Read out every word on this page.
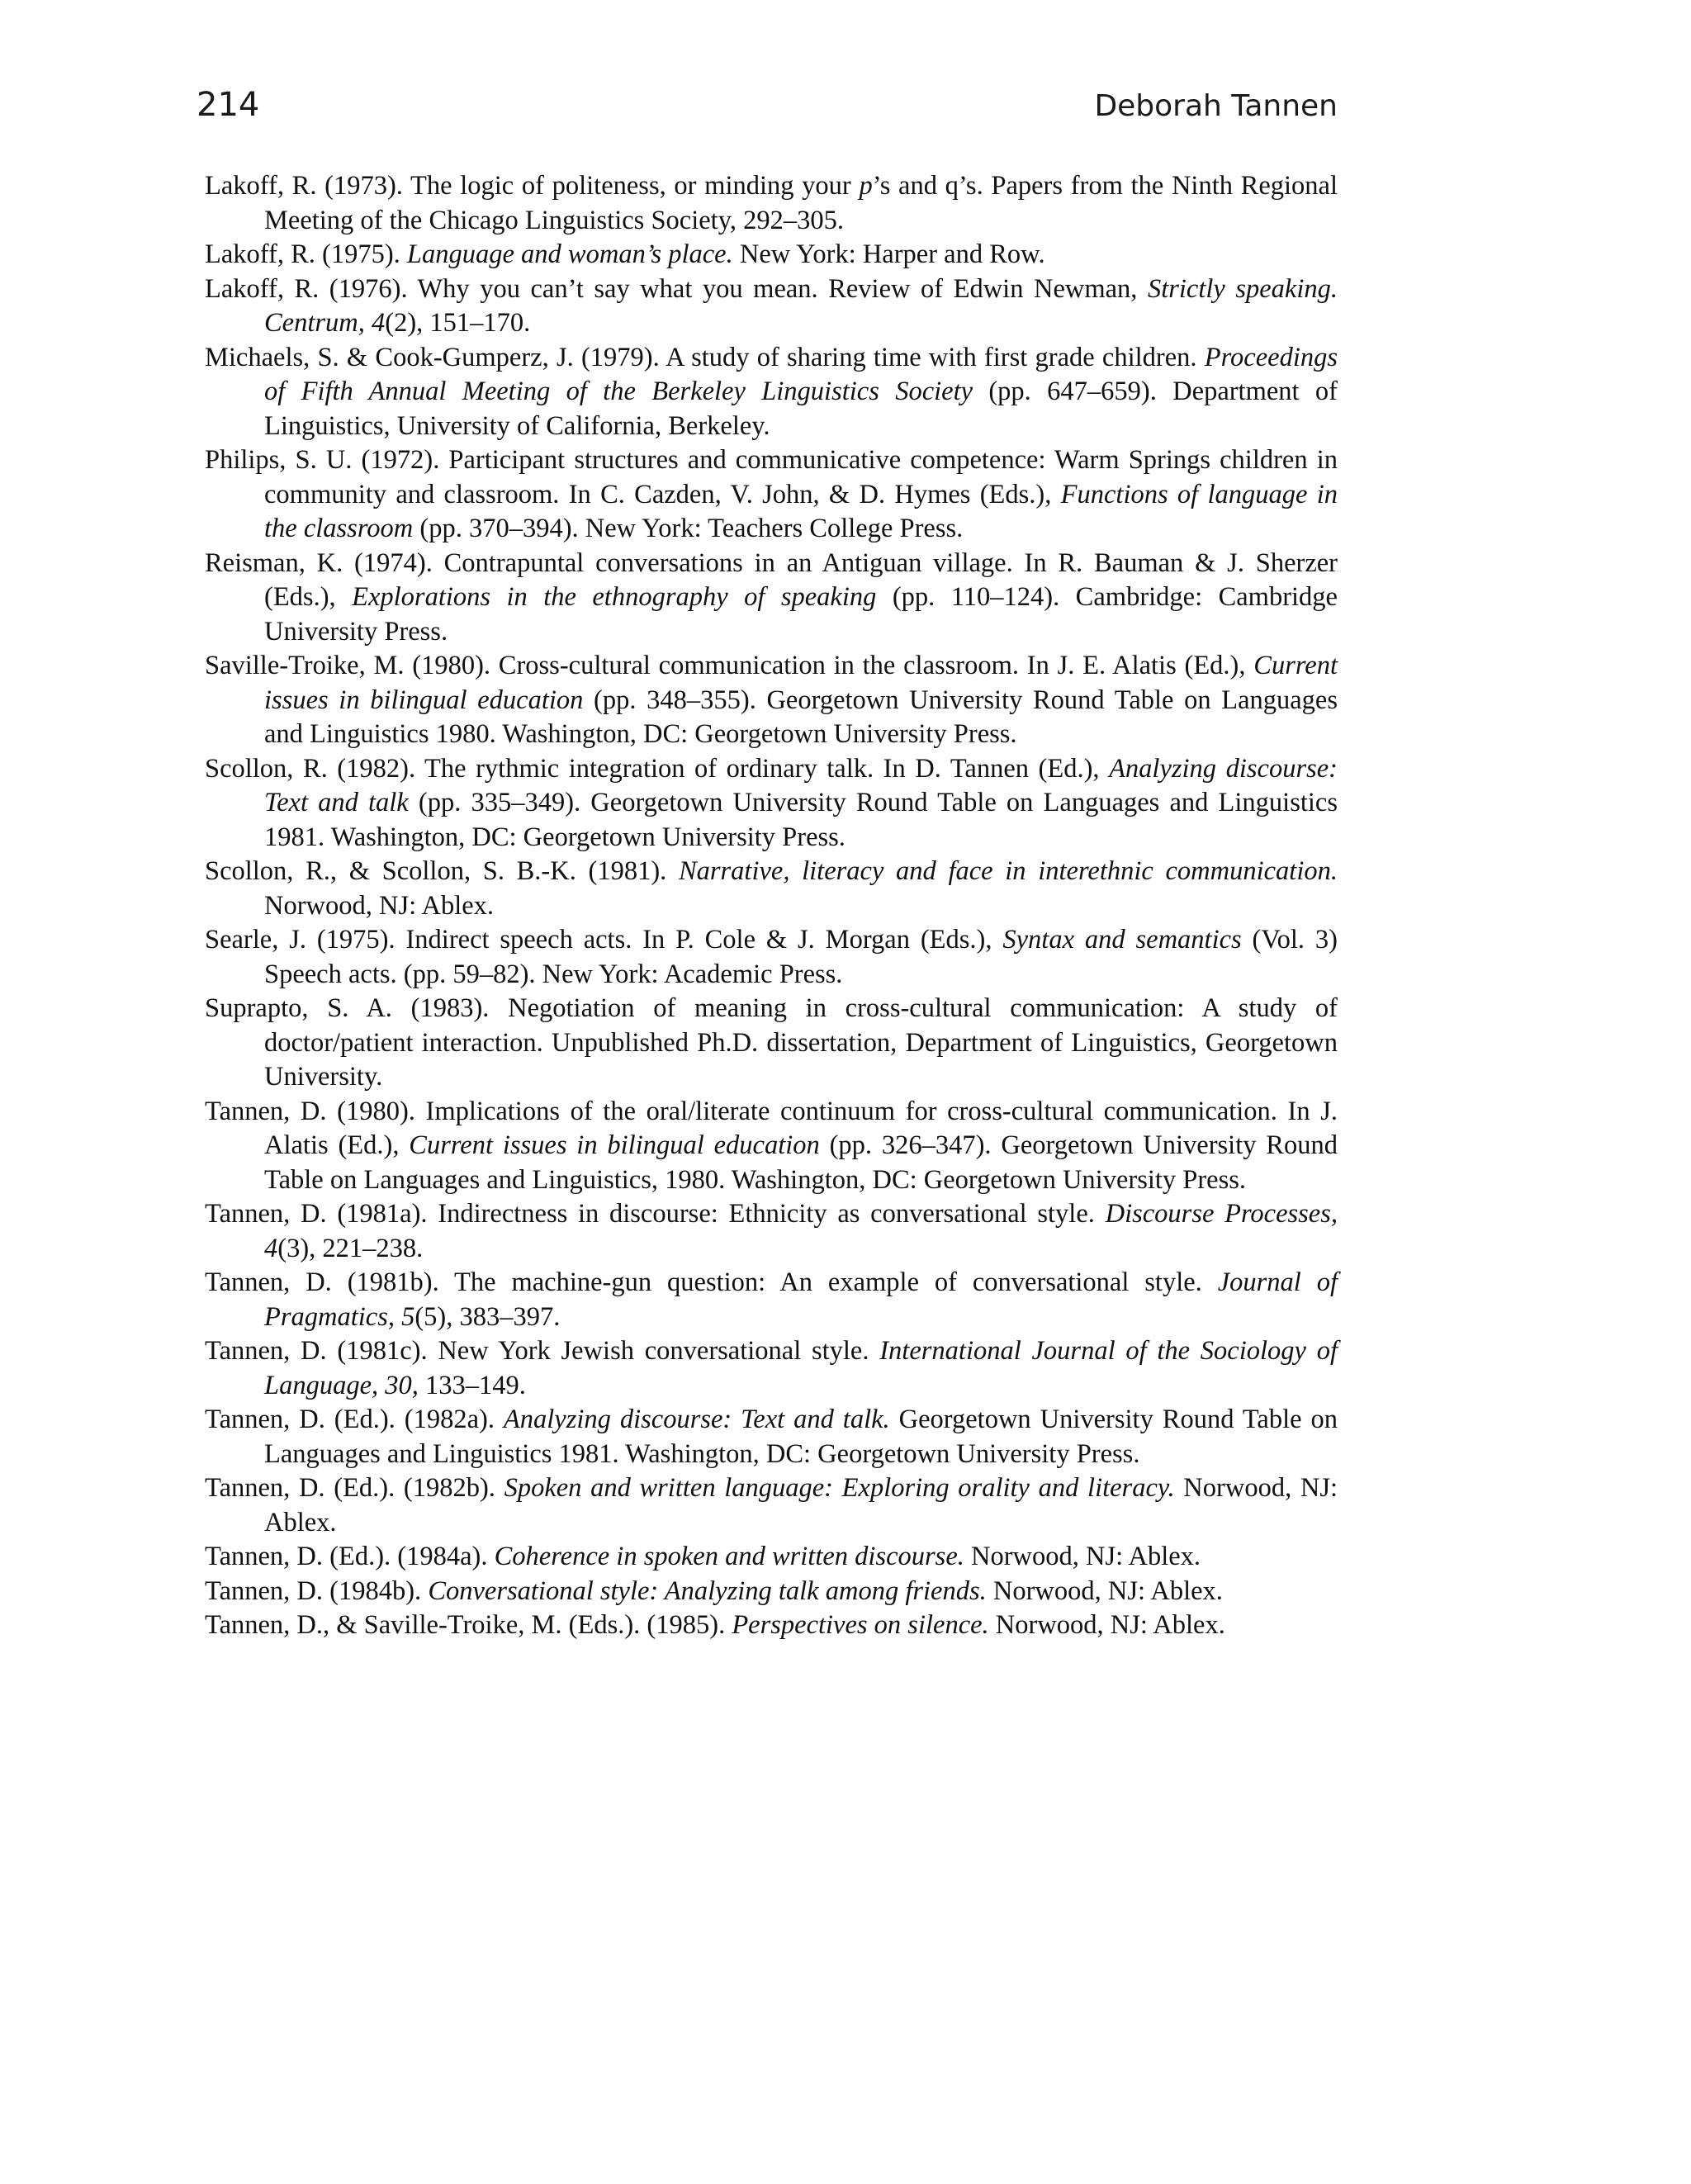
214	Deborah Tannen
Lakoff, R. (1973). The logic of politeness, or minding your p’s and q’s. Papers from the Ninth Regional Meeting of the Chicago Linguistics Society, 292–305.
Lakoff, R. (1975). Language and woman’s place. New York: Harper and Row.
Lakoff, R. (1976). Why you can’t say what you mean. Review of Edwin Newman, Strictly speaking. Centrum, 4(2), 151–170.
Michaels, S. & Cook-Gumperz, J. (1979). A study of sharing time with first grade children. Proceedings of Fifth Annual Meeting of the Berkeley Linguistics Society (pp. 647–659). Department of Linguistics, University of California, Berkeley.
Philips, S. U. (1972). Participant structures and communicative competence: Warm Springs children in community and classroom. In C. Cazden, V. John, & D. Hymes (Eds.), Functions of language in the classroom (pp. 370–394). New York: Teachers College Press.
Reisman, K. (1974). Contrapuntal conversations in an Antiguan village. In R. Bauman & J. Sherzer (Eds.), Explorations in the ethnography of speaking (pp. 110–124). Cambridge: Cambridge University Press.
Saville-Troike, M. (1980). Cross-cultural communication in the classroom. In J. E. Alatis (Ed.), Current issues in bilingual education (pp. 348–355). Georgetown University Round Table on Languages and Linguistics 1980. Washington, DC: Georgetown University Press.
Scollon, R. (1982). The rythmic integration of ordinary talk. In D. Tannen (Ed.), Analyzing discourse: Text and talk (pp. 335–349). Georgetown University Round Table on Languages and Linguistics 1981. Washington, DC: Georgetown University Press.
Scollon, R., & Scollon, S. B.-K. (1981). Narrative, literacy and face in interethnic communication. Norwood, NJ: Ablex.
Searle, J. (1975). Indirect speech acts. In P. Cole & J. Morgan (Eds.), Syntax and semantics (Vol. 3) Speech acts. (pp. 59–82). New York: Academic Press.
Suprapto, S. A. (1983). Negotiation of meaning in cross-cultural communication: A study of doctor/patient interaction. Unpublished Ph.D. dissertation, Department of Linguistics, Georgetown University.
Tannen, D. (1980). Implications of the oral/literate continuum for cross-cultural communication. In J. Alatis (Ed.), Current issues in bilingual education (pp. 326–347). Georgetown University Round Table on Languages and Linguistics, 1980. Washington, DC: Georgetown University Press.
Tannen, D. (1981a). Indirectness in discourse: Ethnicity as conversational style. Discourse Processes, 4(3), 221–238.
Tannen, D. (1981b). The machine-gun question: An example of conversational style. Journal of Pragmatics, 5(5), 383–397.
Tannen, D. (1981c). New York Jewish conversational style. International Journal of the Sociology of Language, 30, 133–149.
Tannen, D. (Ed.). (1982a). Analyzing discourse: Text and talk. Georgetown University Round Table on Languages and Linguistics 1981. Washington, DC: Georgetown University Press.
Tannen, D. (Ed.). (1982b). Spoken and written language: Exploring orality and literacy. Norwood, NJ: Ablex.
Tannen, D. (Ed.). (1984a). Coherence in spoken and written discourse. Norwood, NJ: Ablex.
Tannen, D. (1984b). Conversational style: Analyzing talk among friends. Norwood, NJ: Ablex.
Tannen, D., & Saville-Troike, M. (Eds.). (1985). Perspectives on silence. Norwood, NJ: Ablex.
